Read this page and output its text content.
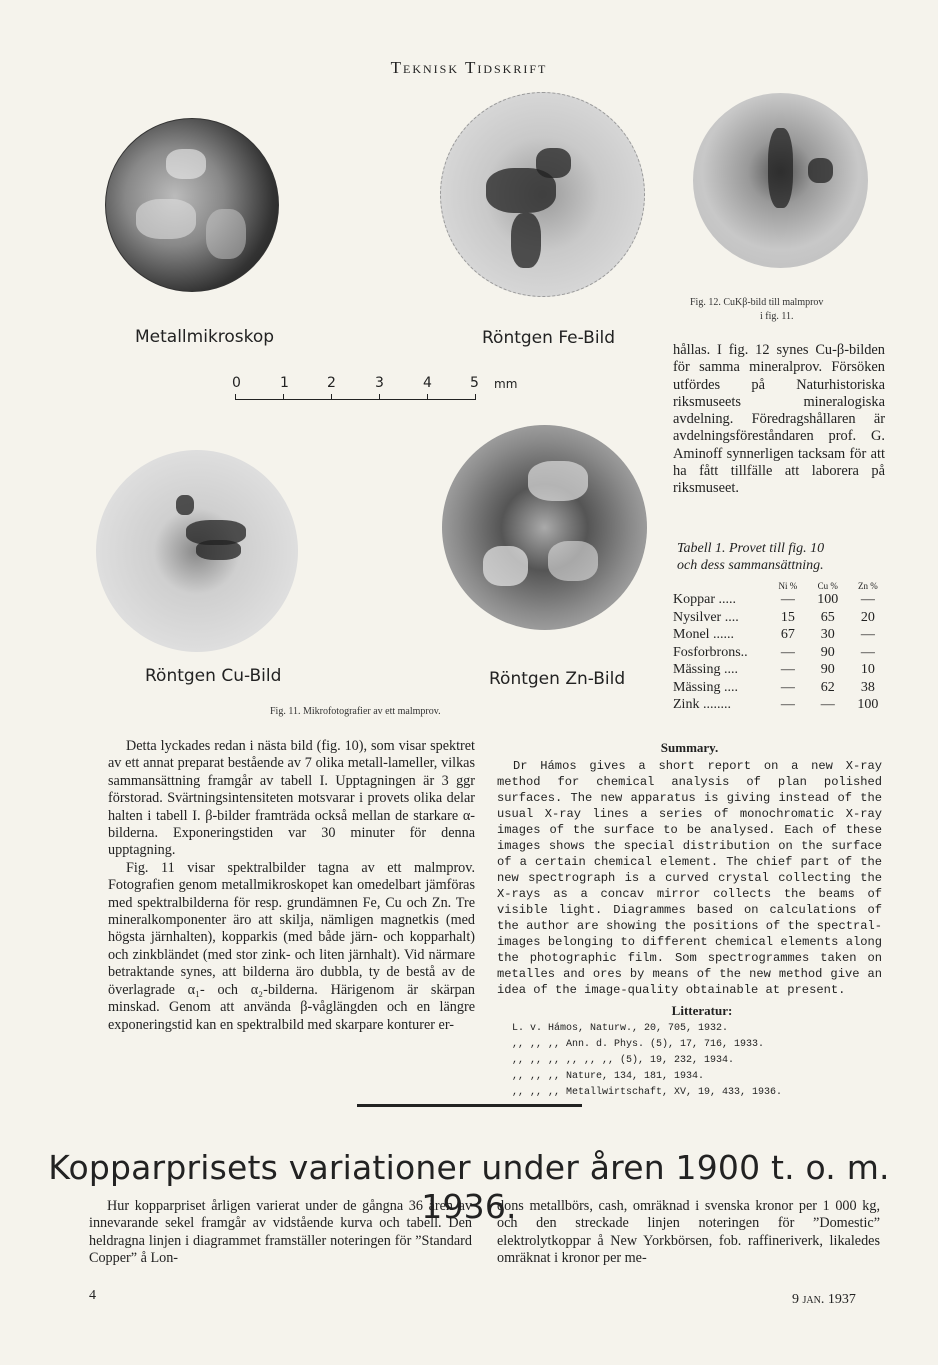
Teknisk Tidskrift
Metallmikroskop	Röntgen Fe-Bild
Röntgen Cu-Bild	Röntgen Zn-Bild
0	1	2	3	4	5 mm
Fig. 11. Mikrofotografier av ett malmprov.
Fig. 12. CuKβ-bild till malmprov
i fig. 11.
hållas. I fig. 12 synes Cu-β-bilden för samma mineralprov. Försöken utfördes på Naturhistoriska riksmuseets mineralogiska avdelning. Föredragshållaren är avdelningsföreståndaren prof. G. Aminoff synnerligen tacksam för att ha fått tillfälle att laborera på riksmuseet.
Tabell 1. Provet till fig. 10
och dess sammansättning.
	Ni %	Cu %	Zn %
Koppar .....	—	100	—
Nysilver ....	15	65	20
Monel ......	67	30	—
Fosforbrons..	—	90	—
Mässing ....	—	90	10
Mässing ....	—	62	38
Zink ........	—	—	100

Detta lyckades redan i nästa bild (fig. 10), som visar spektret av ett annat preparat bestående av 7 olika metall-lameller, vilkas sammansättning framgår av tabell I. Upptagningen är 3 ggr förstorad. Svärtningsintensiteten motsvarar i provets olika delar halten i tabell I. β-bilder framträda också mellan de starkare α-bilderna. Exponeringstiden var 30 minuter för denna upptagning.

Fig. 11 visar spektralbilder tagna av ett malmprov. Fotografien genom metallmikroskopet kan omedelbart jämföras med spektralbilderna för resp. grundämnen Fe, Cu och Zn. Tre mineralkomponenter äro att skilja, nämligen magnetkis (med högsta järnhalten), kopparkis (med både järn- och kopparhalt) och zinkbländet (med stor zink- och liten järnhalt). Vid närmare betraktande synes, att bilderna äro dubbla, ty de bestå av de överlagrade α₁- och α₂-bilderna. Härigenom är skärpan minskad. Genom att använda β-våglängden och en längre exponeringstid kan en spektralbild med skarpare konturer er-

Summary.

Dr Hámos gives a short report on a new X-ray method for chemical analysis of plan polished surfaces. The new apparatus is giving instead of the usual X-ray lines a series of monochromatic X-ray images of the surface to be analysed. Each of these images shows the special distribution on the surface of a certain chemical element. The chief part of the new spectrograph is a curved crystal collecting the X-rays as a concav mirror collects the beams of visible light. Diagrammes based on calculations of the author are showing the positions of the spectral-images belonging to different chemical elements along the photographic film. Som spectrogrammes taken on metalles and ores by means of the new method give an idea of the image-quality obtainable at present.

Litteratur:
L. v. Hámos, Naturw., 20, 705, 1932.
,, ,, ,, Ann. d. Phys. (5), 17, 716, 1933.
,, ,, ,, ,, ,, ,, (5), 19, 232, 1934.
,, ,, ,, Nature, 134, 181, 1934.
,, ,, ,, Metallwirtschaft, XV, 19, 433, 1936.
Kopparprisets variationer under åren 1900 t. o. m. 1936.
Hur kopparpriset årligen varierat under de gångna 36 åren av innevarande sekel framgår av vidstående kurva och tabell. Den heldragna linjen i diagrammet framställer noteringen för ”Standard Copper” å Lon-
dons metallbörs, cash, omräknad i svenska kronor per 1 000 kg, och den streckade linjen noteringen för ”Domestic” elektrolytkoppar å New Yorkbörsen, fob. raffineriverk, likaledes omräknat i kronor per me-
4	9 jan. 1937
